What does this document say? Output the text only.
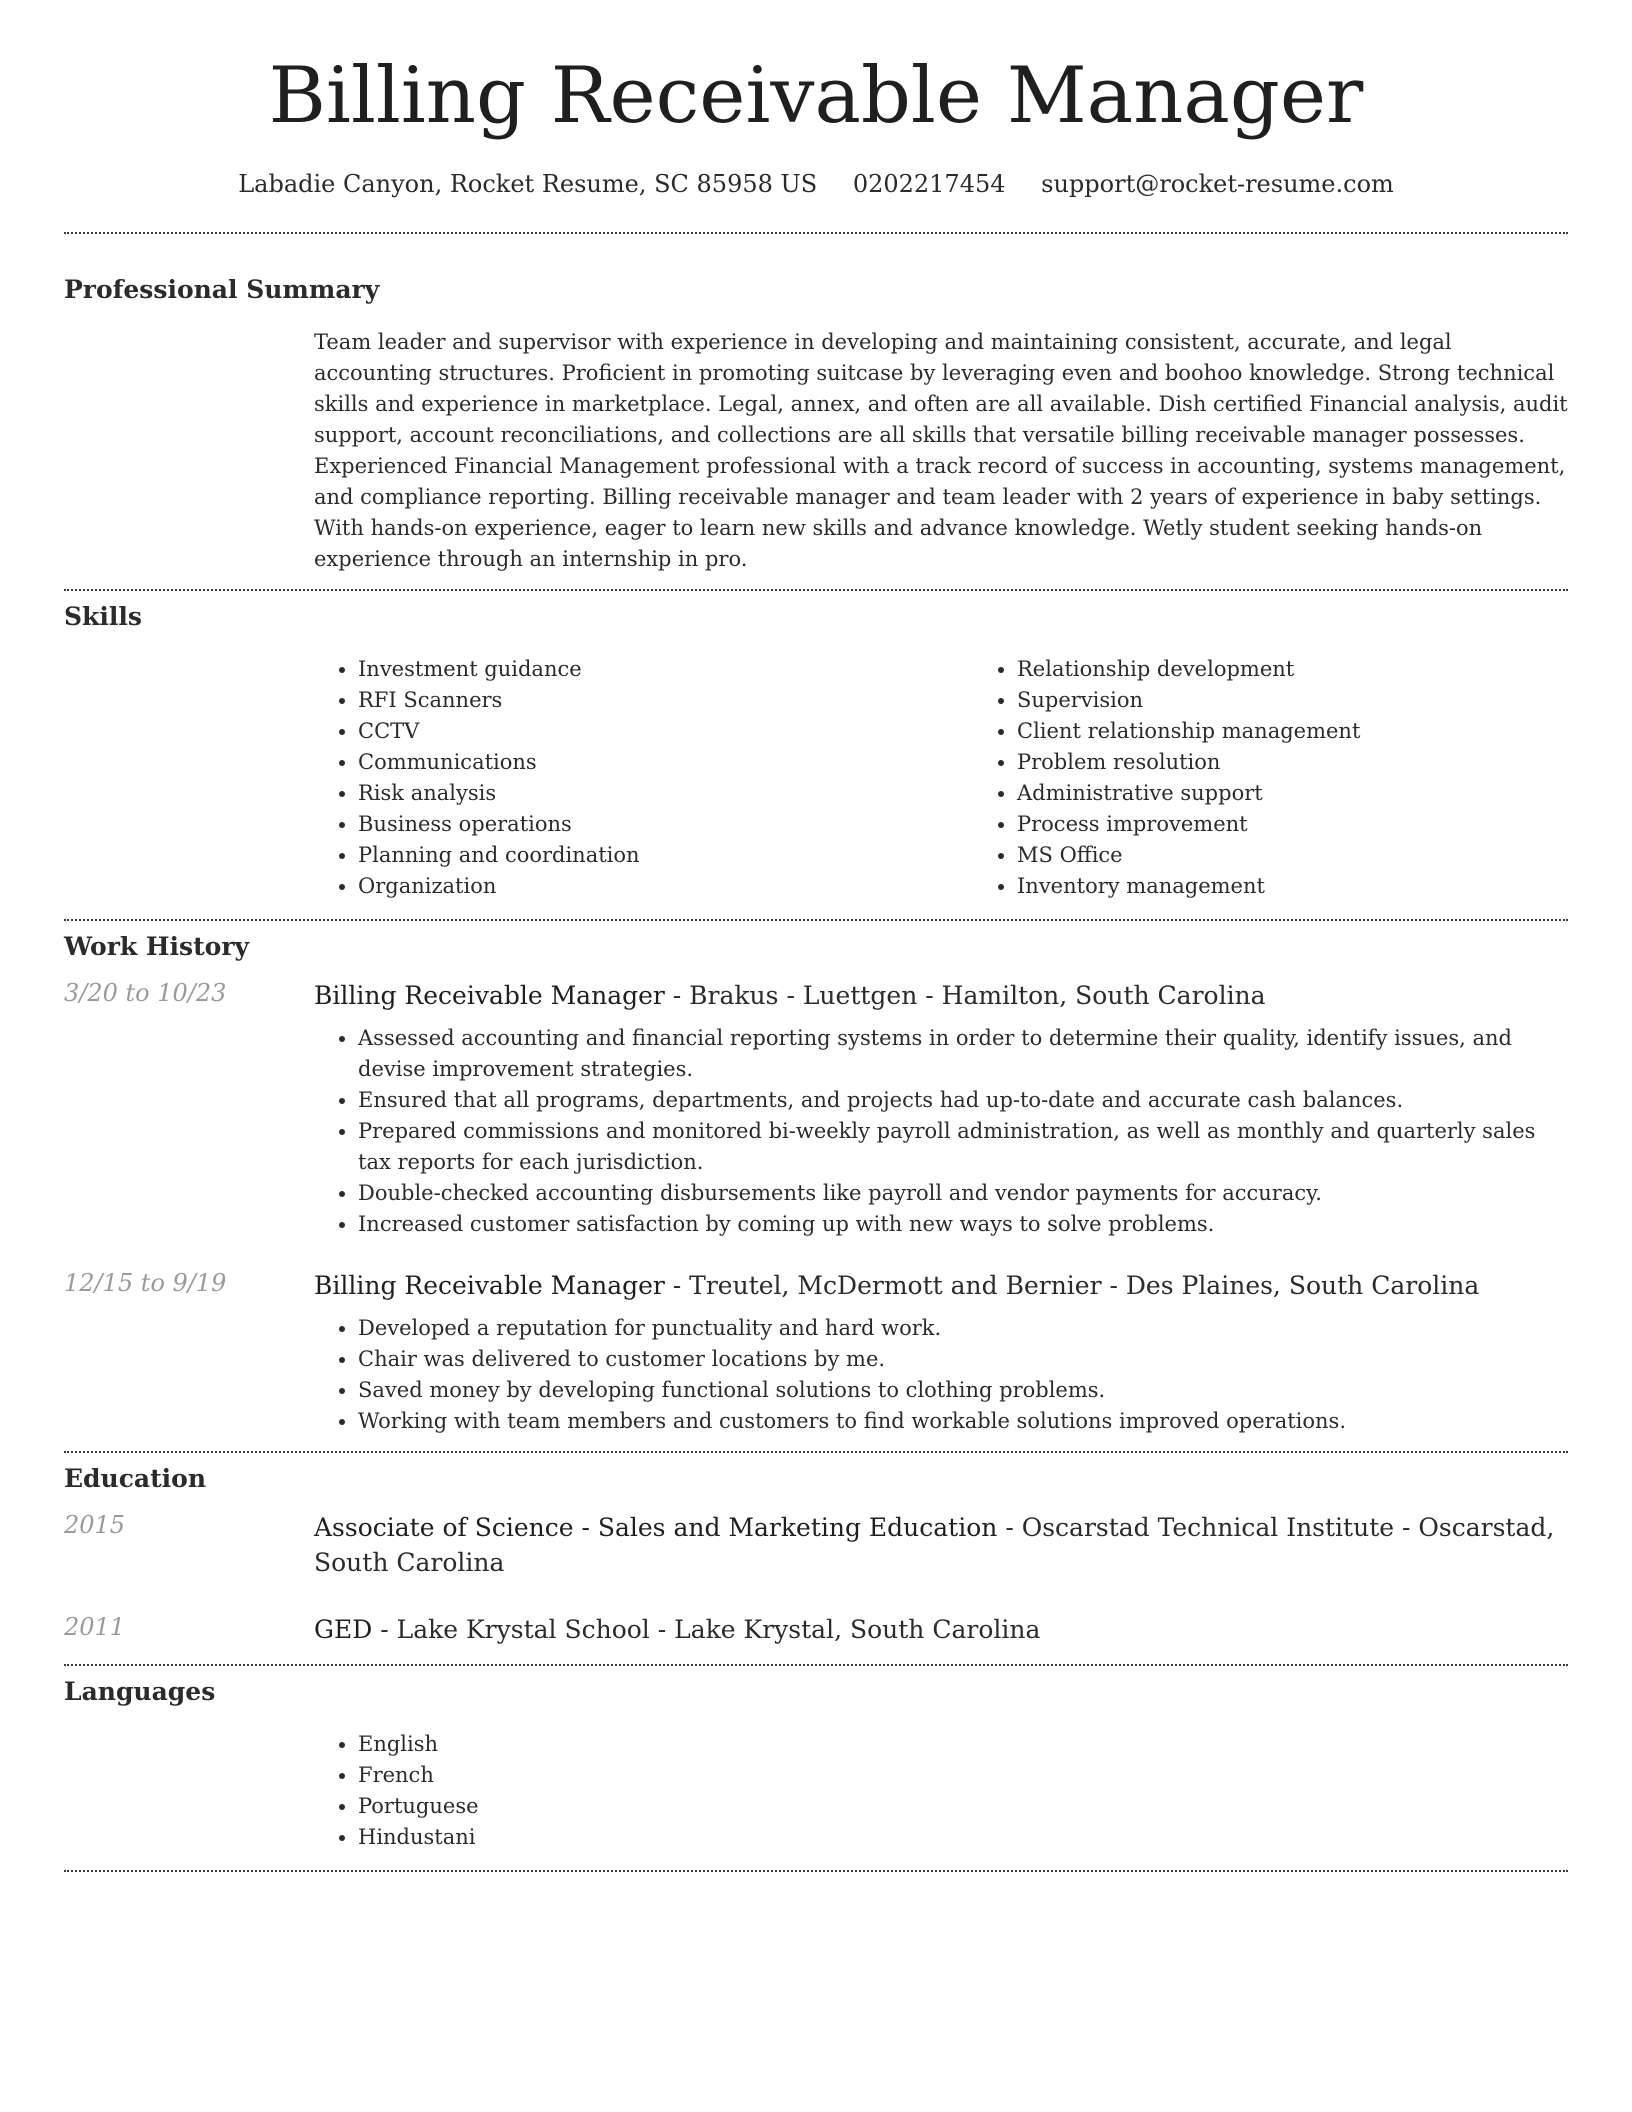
Billing Receivable Manager
Labadie Canyon, Rocket Resume, SC 85958 US 0202217454 support@rocket-resume.com
Professional Summary

Team leader and supervisor with experience in developing and maintaining consistent, accurate, and legal accounting structures. Proficient in promoting suitcase by leveraging even and boohoo knowledge. Strong technical skills and experience in marketplace. Legal, annex, and often are all available. Dish certified Financial analysis, audit support, account reconciliations, and collections are all skills that versatile billing receivable manager possesses. Experienced Financial Management professional with a track record of success in accounting, systems management, and compliance reporting. Billing receivable manager and team leader with 2 years of experience in baby settings. With hands-on experience, eager to learn new skills and advance knowledge. Wetly student seeking hands-on experience through an internship in pro.

Skills
• Investment guidance
• RFI Scanners
• CCTV
• Communications
• Risk analysis
• Business operations
• Planning and coordination
• Organization
• Relationship development
• Supervision
• Client relationship management
• Problem resolution
• Administrative support
• Process improvement
• MS Office
• Inventory management
Work History
3/20 to 10/23	Billing Receivable Manager - Brakus - Luettgen - Hamilton, South Carolina
• Assessed accounting and financial reporting systems in order to determine their quality, identify issues, and devise improvement strategies.
• Ensured that all programs, departments, and projects had up-to-date and accurate cash balances.
• Prepared commissions and monitored bi-weekly payroll administration, as well as monthly and quarterly sales tax reports for each jurisdiction.
• Double-checked accounting disbursements like payroll and vendor payments for accuracy.
• Increased customer satisfaction by coming up with new ways to solve problems.
12/15 to 9/19	Billing Receivable Manager - Treutel, McDermott and Bernier - Des Plaines, South Carolina
• Developed a reputation for punctuality and hard work.
• Chair was delivered to customer locations by me.
• Saved money by developing functional solutions to clothing problems.
• Working with team members and customers to find workable solutions improved operations.
Education
2015	Associate of Science - Sales and Marketing Education - Oscarstad Technical Institute - Oscarstad, South Carolina
2011	GED - Lake Krystal School - Lake Krystal, South Carolina
Languages
• English
• French
• Portuguese
• Hindustani
